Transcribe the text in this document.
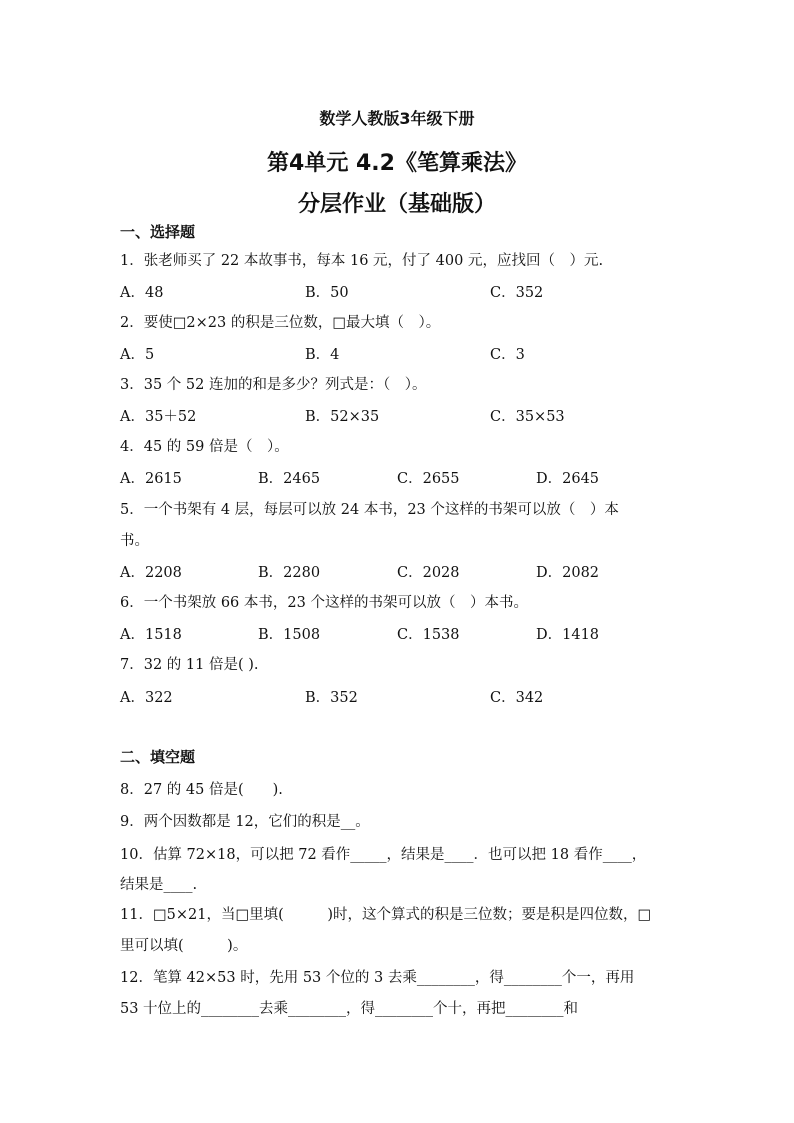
数学人教版3年级下册
第4单元 4.2《笔算乘法》
分层作业（基础版）
一、选择题
1．张老师买了 22 本故事书，每本 16 元，付了 400 元，应找回（　）元.
A．48	B．50	C．352
2．要使□2×23 的积是三位数，□最大填（　）。
A．5	B．4	C．3
3．35 个 52 连加的和是多少？列式是：（　）。
A．35＋52	B．52×35	C．35×53
4．45 的 59 倍是（　）。
A．2615	B．2465	C．2655	D．2645
5．一个书架有 4 层，每层可以放 24 本书，23 个这样的书架可以放（　）本
书。
A．2208	B．2280	C．2028	D．2082
6．一个书架放 66 本书，23 个这样的书架可以放（　）本书。
A．1518	B．1508	C．1538	D．1418
7．32 的 11 倍是( ).
A．322	B．352	C．342
二、填空题
8．27 的 45 倍是(　　).
9．两个因数都是 12，它们的积是__。
10．估算 72×18，可以把 72 看作_____，结果是____．也可以把 18 看作____，
结果是____.
11．□5×21，当□里填(　　　)时，这个算式的积是三位数；要是积是四位数，□
里可以填(　　　)。
12．笔算 42×53 时，先用 53 个位的 3 去乘________，得________个一，再用
53 十位上的________去乘________，得________个十，再把________和
